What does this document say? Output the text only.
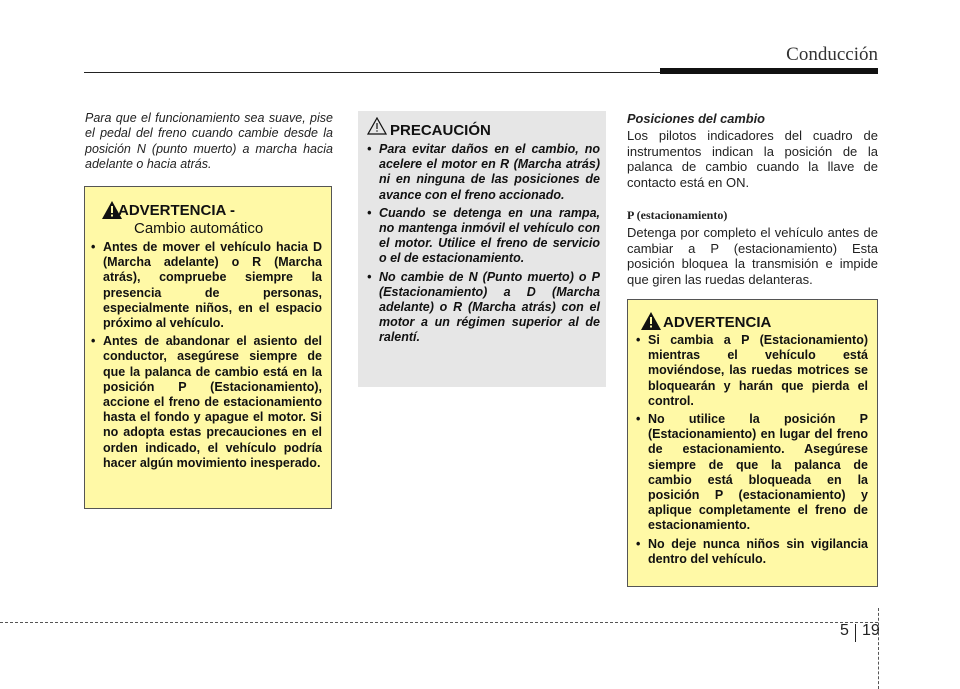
Conducción
Para que el funcionamiento sea suave, pise el pedal del freno cuando cambie desde la posición N (punto muerto) a marcha hacia adelante o hacia atrás.
ADVERTENCIA -
Cambio automático
• Antes de mover el vehículo hacia D (Marcha adelante) o R (Marcha atrás), compruebe siempre la presencia de personas, especialmente niños, en el espacio próximo al vehículo.
• Antes de abandonar el asiento del conductor, asegúrese siempre de que la palanca de cambio está en la posición P (Estacionamiento), accione el freno de estacionamiento hasta el fondo y apague el motor. Si no adopta estas precauciones en el orden indicado, el vehículo podría hacer algún movimiento inesperado.
PRECAUCIÓN
• Para evitar daños en el cambio, no acelere el motor en R (Marcha atrás) ni en ninguna de las posiciones de avance con el freno accionado.
• Cuando se detenga en una rampa, no mantenga inmóvil el vehículo con el motor. Utilice el freno de servicio o el de estacionamiento.
• No cambie de N (Punto muerto) o P (Estacionamiento) a D (Marcha adelante) o R (Marcha atrás) con el motor a un régimen superior al de ralentí.
Posiciones del cambio
Los pilotos indicadores del cuadro de instrumentos indican la posición de la palanca de cambio cuando la llave de contacto está en ON.
P (estacionamiento)
Detenga por completo el vehículo antes de cambiar a P (estacionamiento) Esta posición bloquea la transmisión e impide que giren las ruedas delanteras.
ADVERTENCIA
• Si cambia a P (Estacionamiento) mientras el vehículo está moviéndose, las ruedas motrices se bloquearán y harán que pierda el control.
• No utilice la posición P (Estacionamiento) en lugar del freno de estacionamiento. Asegúrese siempre de que la palanca de cambio está bloqueada en la posición P (estacionamiento) y aplique completamente el freno de estacionamiento.
• No deje nunca niños sin vigilancia dentro del vehículo.
5 19
